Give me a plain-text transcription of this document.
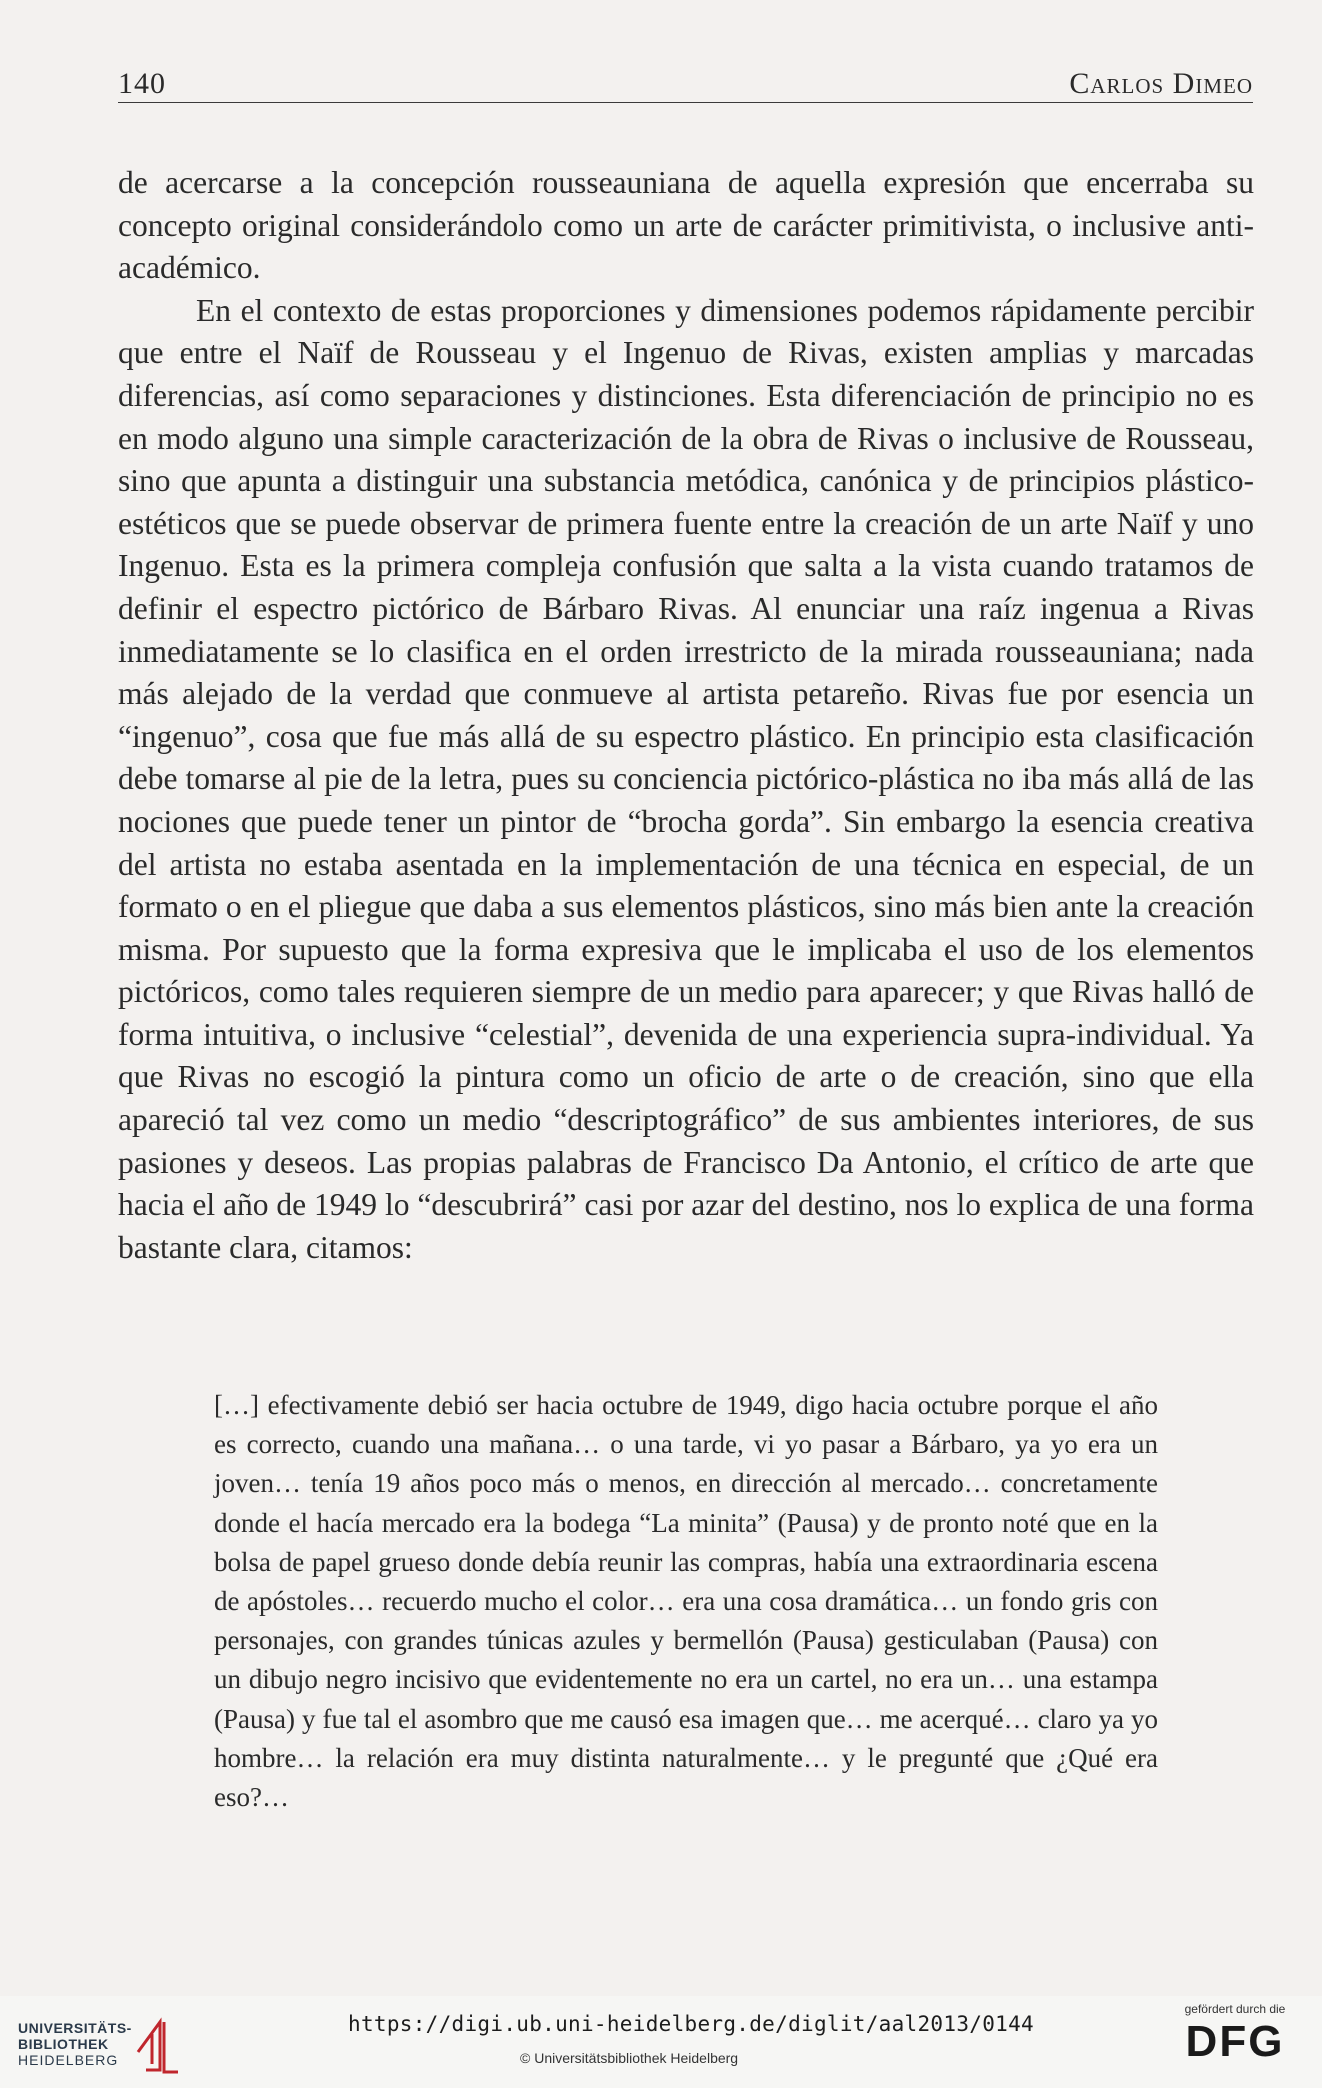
140	Carlos Dimeo

de acercarse a la concepción rousseauniana de aquella expresión que encerraba su concepto original considerándolo como un arte de carácter primitivista, o inclusive anti-académico.

En el contexto de estas proporciones y dimensiones podemos rápidamente percibir que entre el Naïf de Rousseau y el Ingenuo de Rivas, existen amplias y marcadas diferencias, así como separaciones y distinciones. Esta diferenciación de principio no es en modo alguno una simple caracterización de la obra de Rivas o inclusive de Rousseau, sino que apunta a distinguir una substancia metódica, canónica y de principios plástico-estéticos que se puede observar de primera fuente entre la creación de un arte Naïf y uno Ingenuo. Esta es la primera compleja confusión que salta a la vista cuando tratamos de definir el espectro pictórico de Bárbaro Rivas. Al enunciar una raíz ingenua a Rivas inmediatamente se lo clasifica en el orden irrestricto de la mirada rousseauniana; nada más alejado de la verdad que conmueve al artista petareño. Rivas fue por esencia un “ingenuo”, cosa que fue más allá de su espectro plástico. En principio esta clasificación debe tomarse al pie de la letra, pues su conciencia pictórico-plástica no iba más allá de las nociones que puede tener un pintor de “brocha gorda”. Sin embargo la esencia creativa del artista no estaba asentada en la implementación de una técnica en especial, de un formato o en el pliegue que daba a sus elementos plásticos, sino más bien ante la creación misma. Por supuesto que la forma expresiva que le implicaba el uso de los elementos pictóricos, como tales requieren siempre de un medio para aparecer; y que Rivas halló de forma intuitiva, o inclusive “celestial”, devenida de una experiencia supra-individual. Ya que Rivas no escogió la pintura como un oficio de arte o de creación, sino que ella apareció tal vez como un medio “descriptográfico” de sus ambientes interiores, de sus pasiones y deseos. Las propias palabras de Francisco Da Antonio, el crítico de arte que hacia el año de 1949 lo “descubrirá” casi por azar del destino, nos lo explica de una forma bastante clara, citamos:

[…] efectivamente debió ser hacia octubre de 1949, digo hacia octubre porque el año es correcto, cuando una mañana… o una tarde, vi yo pasar a Bárbaro, ya yo era un joven… tenía 19 años poco más o menos, en dirección al mercado… concretamente donde el hacía mercado era la bodega “La minita” (Pausa) y de pronto noté que en la bolsa de papel grueso donde debía reunir las compras, había una extraordinaria escena de apóstoles… recuerdo mucho el color… era una cosa dramática… un fondo gris con personajes, con grandes túnicas azules y bermellón (Pausa) gesticulaban (Pausa) con un dibujo negro incisivo que evidentemente no era un cartel, no era un… una estampa (Pausa) y fue tal el asombro que me causó esa imagen que… me acerqué… claro ya yo hombre… la relación era muy distinta naturalmente… y le pregunté que ¿Qué era eso?…
UNIVERSITÄTS-
BIBLIOTHEK
HEIDELBERG
https://digi.ub.uni-heidelberg.de/diglit/aal2013/0144
© Universitätsbibliothek Heidelberg
gefördert durch die
DFG
